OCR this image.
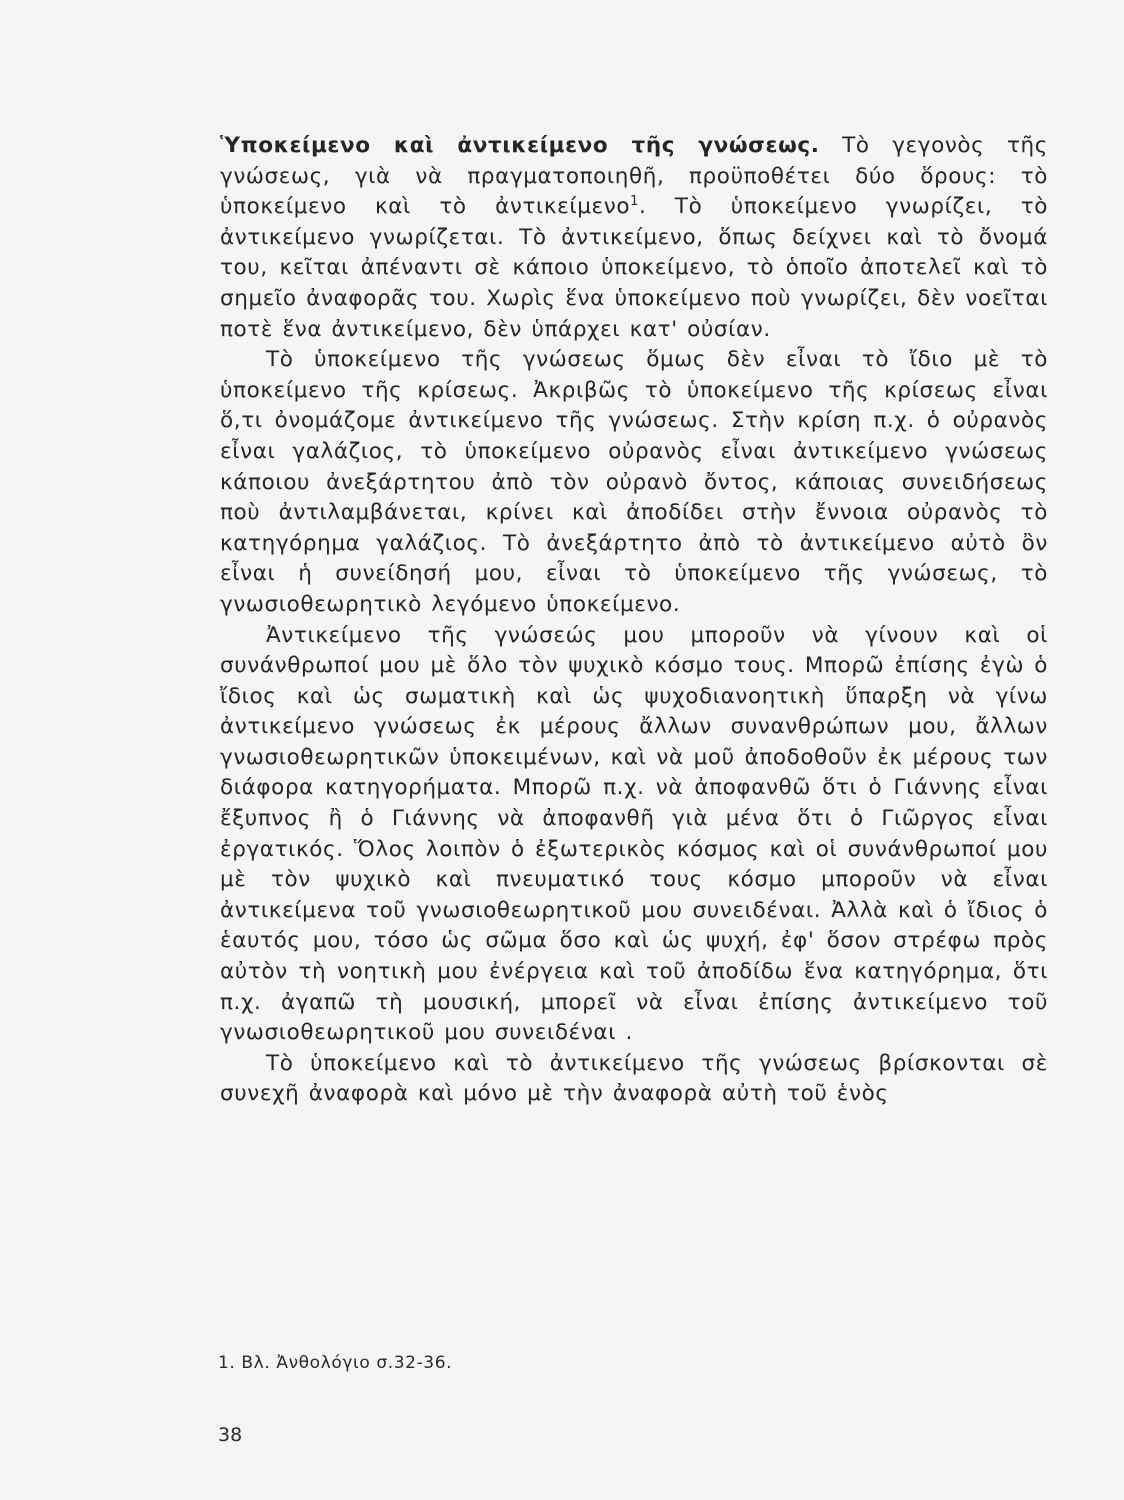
Ὑποκείμενο καὶ ἀντικείμενο τῆς γνώσεως. Τὸ γεγονὸς τῆς γνώσεως, γιὰ νὰ πραγματοποιηθῆ, προϋποθέτει δύο ὅρους: τὸ ὑποκείμενο καὶ τὸ ἀντικείμενο$^1$. Τὸ ὑποκείμενο γνωρίζει, τὸ ἀντικείμενο γνωρίζεται. Τὸ ἀντικείμενο, ὅπως δείχνει καὶ τὸ ὄνομά του, κεῖται ἀπέναντι σὲ κάποιο ὑποκείμενο, τὸ ὁποῖο ἀποτελεῖ καὶ τὸ σημεῖο ἀναφορᾶς του. Χωρὶς ἕνα ὑποκείμενο ποὺ γνωρίζει, δὲν νοεῖται ποτὲ ἕνα ἀντικείμενο, δὲν ὑπάρχει κατ' οὐσίαν.

Τὸ ὑποκείμενο τῆς γνώσεως ὅμως δὲν εἶναι τὸ ἴδιο μὲ τὸ ὑποκείμενο τῆς κρίσεως. Ἀκριβῶς τὸ ὑποκείμενο τῆς κρίσεως εἶναι ὅ,τι ὀνομάζομε ἀντικείμενο τῆς γνώσεως. Στὴν κρίση π.χ. ὁ οὐρανὸς εἶναι γαλάζιος, τὸ ὑποκείμενο οὐρανὸς εἶναι ἀντικείμενο γνώσεως κάποιου ἀνεξάρτητου ἀπὸ τὸν οὐρανὸ ὄντος, κάποιας συνειδήσεως ποὺ ἀντιλαμβάνεται, κρίνει καὶ ἀποδίδει στὴν ἔννοια οὐρανὸς τὸ κατηγόρημα γαλάζιος. Τὸ ἀνεξάρτητο ἀπὸ τὸ ἀντικείμενο αὐτὸ ὂν εἶναι ἡ συνείδησή μου, εἶναι τὸ ὑποκείμενο τῆς γνώσεως, τὸ γνωσιοθεωρητικὸ λεγόμενο ὑποκείμενο.

Ἀντικείμενο τῆς γνώσεώς μου μποροῦν νὰ γίνουν καὶ οἱ συνάνθρωποί μου μὲ ὅλο τὸν ψυχικὸ κόσμο τους. Μπορῶ ἐπίσης ἐγὼ ὁ ἴδιος καὶ ὡς σωματικὴ καὶ ὡς ψυχοδιανοητικὴ ὕπαρξη νὰ γίνω ἀντικείμενο γνώσεως ἐκ μέρους ἄλλων συνανθρώπων μου, ἄλλων γνωσιοθεωρητικῶν ὑποκειμένων, καὶ νὰ μοῦ ἀποδοθοῦν ἐκ μέρους των διάφορα κατηγορήματα. Μπορῶ π.χ. νὰ ἀποφανθῶ ὅτι ὁ Γιάννης εἶναι ἔξυπνος ἢ ὁ Γιάννης νὰ ἀποφανθῆ γιὰ μένα ὅτι ὁ Γιῶργος εἶναι ἐργατικός. Ὅλος λοιπὸν ὁ ἐξωτερικὸς κόσμος καὶ οἱ συνάνθρωποί μου μὲ τὸν ψυχικὸ καὶ πνευματικό τους κόσμο μποροῦν νὰ εἶναι ἀντικείμενα τοῦ γνωσιοθεωρητικοῦ μου συνειδέναι. Ἀλλὰ καὶ ὁ ἴδιος ὁ ἑαυτός μου, τόσο ὡς σῶμα ὅσο καὶ ὡς ψυχή, ἐφ' ὅσον στρέφω πρὸς αὐτὸν τὴ νοητικὴ μου ἐνέργεια καὶ τοῦ ἀποδίδω ἕνα κατηγόρημα, ὅτι π.χ. ἀγαπῶ τὴ μουσική, μπορεῖ νὰ εἶναι ἐπίσης ἀντικείμενο τοῦ γνωσιοθεωρητικοῦ μου συνειδέναι .

Τὸ ὑποκείμενο καὶ τὸ ἀντικείμενο τῆς γνώσεως βρίσκονται σὲ συνεχῆ ἀναφορὰ καὶ μόνο μὲ τὴν ἀναφορὰ αὐτὴ τοῦ ἑνὸς

1. Βλ. Ἀνθολόγιο σ.32-36.
38
